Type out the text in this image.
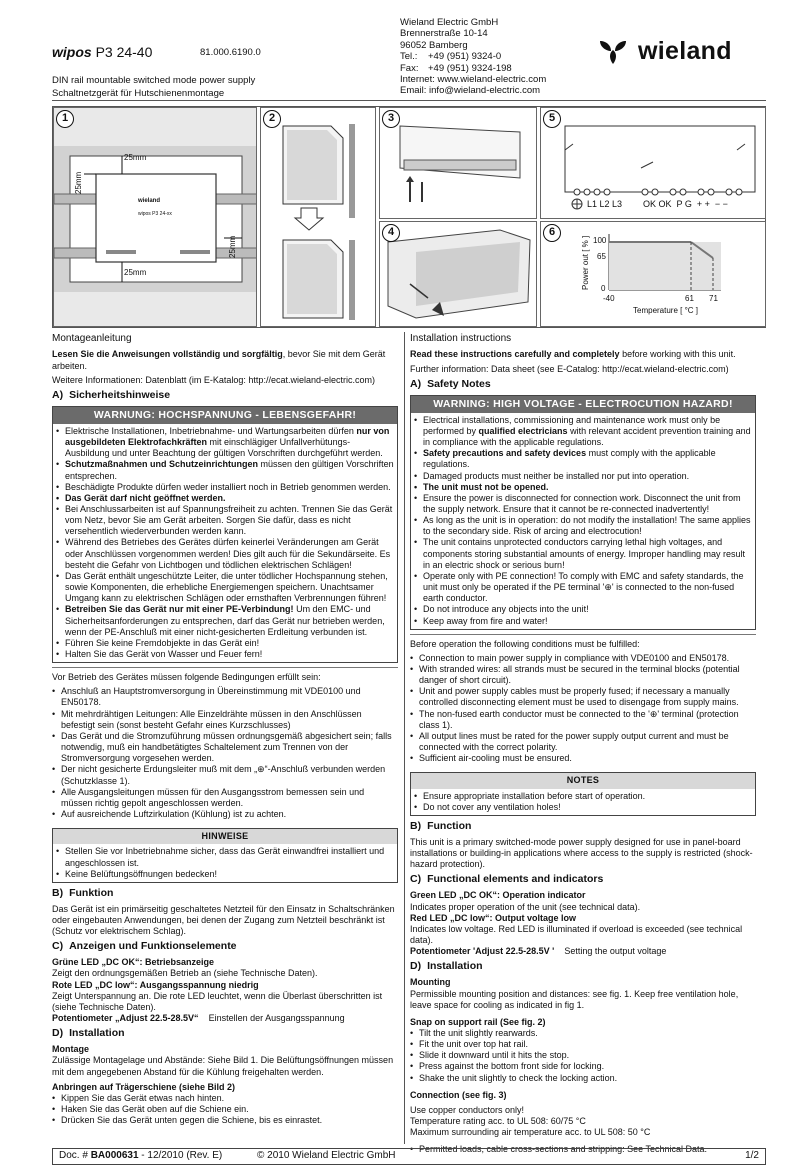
wipos P3 24-40	81.000.6190.0
DIN rail mountable switched mode power supply
Schaltnetzgerät für Hutschienenmontage
Wieland Electric GmbH
Brennerstraße 10-14
96052 Bamberg
Tel.:	+49 (951) 9324-0
Fax:	+49 (951) 9324-198
Internet: www.wieland-electric.com
Email: info@wieland-electric.com
wieland
1
25mm
25mm
25mm
25mm
wieland
wipos P3 24-xx
2	3
4
5
L1 L2 L3 OK OK  P G  + +  − −
6
100
65
0
-40	61 71
Temperature [ °C ]
Power out [ % ]
Montageanleitung
Lesen Sie die Anweisungen vollständig und sorgfältig, bevor Sie mit dem Gerät arbeiten.
Weitere Informationen: Datenblatt (im E-Katalog: http://ecat.wieland-electric.com)
A) Sicherheitshinweise
WARNUNG: HOCHSPANNUNG - LEBENSGEFAHR!
• Elektrische Installationen, Inbetriebnahme- und Wartungsarbeiten dürfen nur von ausgebildeten Elektrofachkräften mit einschlägiger Unfallverhütungs-Ausbildung und unter Beachtung der gültigen Vorschriften durchgeführt werden.
• Schutzmaßnahmen und Schutzeinrichtungen müssen den gültigen Vorschriften entsprechen.
• Beschädigte Produkte dürfen weder installiert noch in Betrieb genommen werden.
• Das Gerät darf nicht geöffnet werden.
• Bei Anschlussarbeiten ist auf Spannungsfreiheit zu achten. Trennen Sie das Gerät vom Netz, bevor Sie am Gerät arbeiten. Sorgen Sie dafür, dass es nicht versehentlich wiederverbunden werden kann.
• Während des Betriebes des Gerätes dürfen keinerlei Veränderungen am Gerät oder Anschlüssen vorgenommen werden! Dies gilt auch für die Sekundärseite. Es besteht die Gefahr von Lichtbogen und tödlichen elektrischen Schlägen!
• Das Gerät enthält ungeschützte Leiter, die unter tödlicher Hochspannung stehen, sowie Komponenten, die erhebliche Energiemengen speichern. Unachtsamer Umgang kann zu elektrischen Schlägen oder ernsthaften Verbrennungen führen!
• Betreiben Sie das Gerät nur mit einer PE-Verbindung! Um den EMC- und Sicherheitsanforderungen zu entsprechen, darf das Gerät nur betrieben werden, wenn der PE-Anschluß mit einer nicht-gesicherten Erdleitung verbunden ist.
• Führen Sie keine Fremdobjekte in das Gerät ein!
• Halten Sie das Gerät von Wasser und Feuer fern!
Vor Betrieb des Gerätes müssen folgende Bedingungen erfüllt sein:
• Anschluß an Hauptstromversorgung in Übereinstimmung mit VDE0100 und EN50178.
• Mit mehrdrähtigen Leitungen: Alle Einzeldrähte müssen in den Anschlüssen befestigt sein (sonst besteht Gefahr eines Kurzschlusses)
• Das Gerät und die Stromzuführung müssen ordnungsgemäß abgesichert sein; falls notwendig, muß ein handbetätigtes Schaltelement zum Trennen von der Stromversorgung vorgesehen werden.
• Der nicht gesicherte Erdungsleiter muß mit dem „⊕“-Anschluß verbunden werden (Schutzklasse 1).
• Alle Ausgangsleitungen müssen für den Ausgangsstrom bemessen sein und müssen richtig gepolt angeschlossen werden.
• Auf ausreichende Luftzirkulation (Kühlung) ist zu achten.
HINWEISE
• Stellen Sie vor Inbetriebnahme sicher, dass das Gerät einwandfrei installiert und angeschlossen ist.
• Keine Belüftungsöffnungen bedecken!
B) Funktion
Das Gerät ist ein primärseitig geschaltetes Netzteil für den Einsatz in Schaltschränken oder eingebauten Anwendungen, bei denen der Zugang zum Netzteil beschränkt ist (Schutz vor elektrischem Schlag).
C) Anzeigen und Funktionselemente
Grüne LED „DC OK“: Betriebsanzeige
Zeigt den ordnungsgemäßen Betrieb an (siehe Technische Daten).
Rote LED „DC low“: Ausgangsspannung niedrig
Zeigt Unterspannung an. Die rote LED leuchtet, wenn die Überlast überschritten ist (siehe Technische Daten).
Potentiometer „Adjust 22.5-28.5V“ Einstellen der Ausgangsspannung
D) Installation
Montage
Zulässige Montagelage und Abstände: Siehe Bild 1. Die Belüftungsöffnungen müssen mit dem angegebenen Abstand für die Kühlung freigehalten werden.
Anbringen auf Trägerschiene (siehe Bild 2)
• Kippen Sie das Gerät etwas nach hinten.
• Haken Sie das Gerät oben auf die Schiene ein.
• Drücken Sie das Gerät unten gegen die Schiene, bis es einrastet.
Installation instructions
Read these instructions carefully and completely before working with this unit.
Further information: Data sheet (see E-Catalog: http://ecat.wieland-electric.com)
A) Safety Notes
WARNING: HIGH VOLTAGE - ELECTROCUTION HAZARD!
• Electrical installations, commissioning and maintenance work must only be performed by qualified electricians with relevant accident prevention training and in compliance with the applicable regulations.
• Safety precautions and safety devices must comply with the applicable regulations.
• Damaged products must neither be installed nor put into operation.
• The unit must not be opened.
• Ensure the power is disconnected for connection work. Disconnect the unit from the supply network. Ensure that it cannot be re-connected inadvertently!
• As long as the unit is in operation: do not modify the installation! The same applies to the secondary side. Risk of arcing and electrocution!
• The unit contains unprotected conductors carrying lethal high voltages, and components storing substantial amounts of energy. Improper handling may result in an electric shock or serious burn!
• Operate only with PE connection! To comply with EMC and safety standards, the unit must only be operated if the PE terminal '⊕' is connected to the non-fused earth conductor.
• Do not introduce any objects into the unit!
• Keep away from fire and water!
Before operation the following conditions must be fulfilled:
• Connection to main power supply in compliance with VDE0100 and EN50178.
• With stranded wires: all strands must be secured in the terminal blocks (potential danger of short circuit).
• Unit and power supply cables must be properly fused; if necessary a manually controlled disconnecting element must be used to disengage from supply mains.
• The non-fused earth conductor must be connected to the '⊕' terminal (protection class 1).
• All output lines must be rated for the power supply output current and must be connected with the correct polarity.
• Sufficient air-cooling must be ensured.
NOTES
• Ensure appropriate installation before start of operation.
• Do not cover any ventilation holes!
B) Function
This unit is a primary switched-mode power supply designed for use in panel-board installations or building-in applications where access to the supply is restricted (shock- hazard protection).
C) Functional elements and indicators
Green LED „DC OK“: Operation indicator
Indicates proper operation of the unit (see technical data).
Red LED „DC low“: Output voltage low
Indicates low voltage. Red LED is illuminated if overload is exceeded (see technical data).
Potentiometer 'Adjust 22.5-28.5V ' Setting the output voltage
D) Installation
Mounting
Permissible mounting position and distances: see fig. 1. Keep free ventilation hole, leave space for cooling as indicated in fig 1.
Snap on support rail (See fig. 2)
• Tilt the unit slightly rearwards.
• Fit the unit over top hat rail.
• Slide it downward until it hits the stop.
• Press against the bottom front side for locking.
• Shake the unit slightly to check the locking action.
Connection (see fig. 3)
Use copper conductors only!
Temperature rating acc. to UL 508: 60/75 °C
Maximum surrounding air temperature acc. to UL 508: 50 °C
• Permitted loads, cable cross-sections and stripping: See Technical Data.
Doc. # BA000631 - 12/2010 (Rev. E)	© 2010 Wieland Electric GmbH	1/2
